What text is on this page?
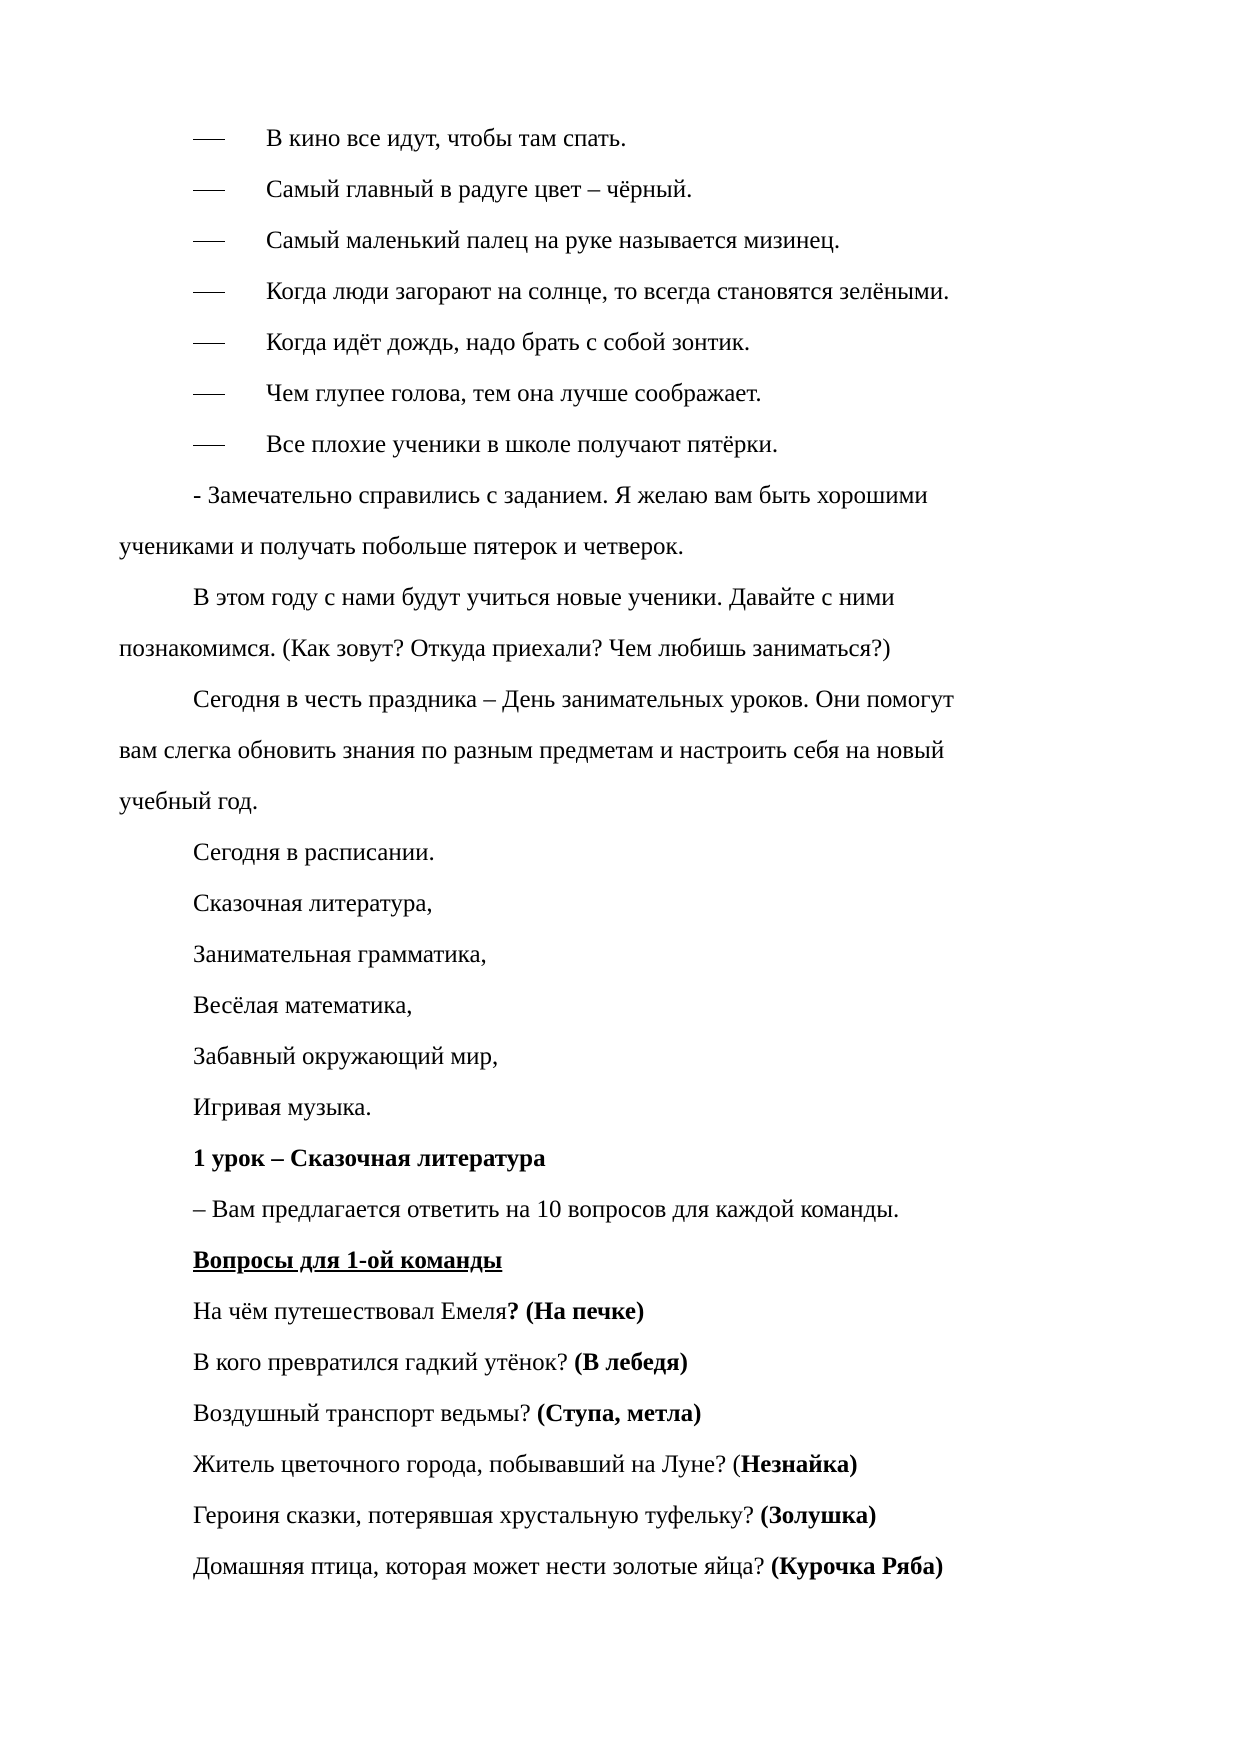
В кино все идут, чтобы там спать.
Самый главный в радуге цвет – чёрный.
Самый маленький палец на руке называется мизинец.
Когда люди загорают на солнце, то всегда становятся зелёными.
Когда идёт дождь, надо брать с собой зонтик.
Чем глупее голова, тем она лучше соображает.
Все плохие ученики в школе получают пятёрки.
- Замечательно справились с заданием. Я желаю вам быть хорошими
учениками и получать побольше пятерок и четверок.
В этом году с нами будут учиться новые ученики. Давайте с ними
познакомимся. (Как зовут? Откуда приехали? Чем любишь заниматься?)
Сегодня в честь праздника – День занимательных уроков. Они помогут
вам слегка обновить знания по разным предметам и настроить себя на новый
учебный год.
Сегодня в расписании.
Сказочная литература,
Занимательная грамматика,
Весёлая математика,
Забавный окружающий мир,
Игривая музыка.
1 урок – Сказочная литература
– Вам предлагается ответить на 10 вопросов для каждой команды.
Вопросы для 1-ой команды
На чём путешествовал Емеля? (На печке)
В кого превратился гадкий утёнок? (В лебедя)
Воздушный транспорт ведьмы? (Ступа, метла)
Житель цветочного города, побывавший на Луне? (Незнайка)
Героиня сказки, потерявшая хрустальную туфельку? (Золушка)
Домашняя птица, которая может нести золотые яйца? (Курочка Ряба)
